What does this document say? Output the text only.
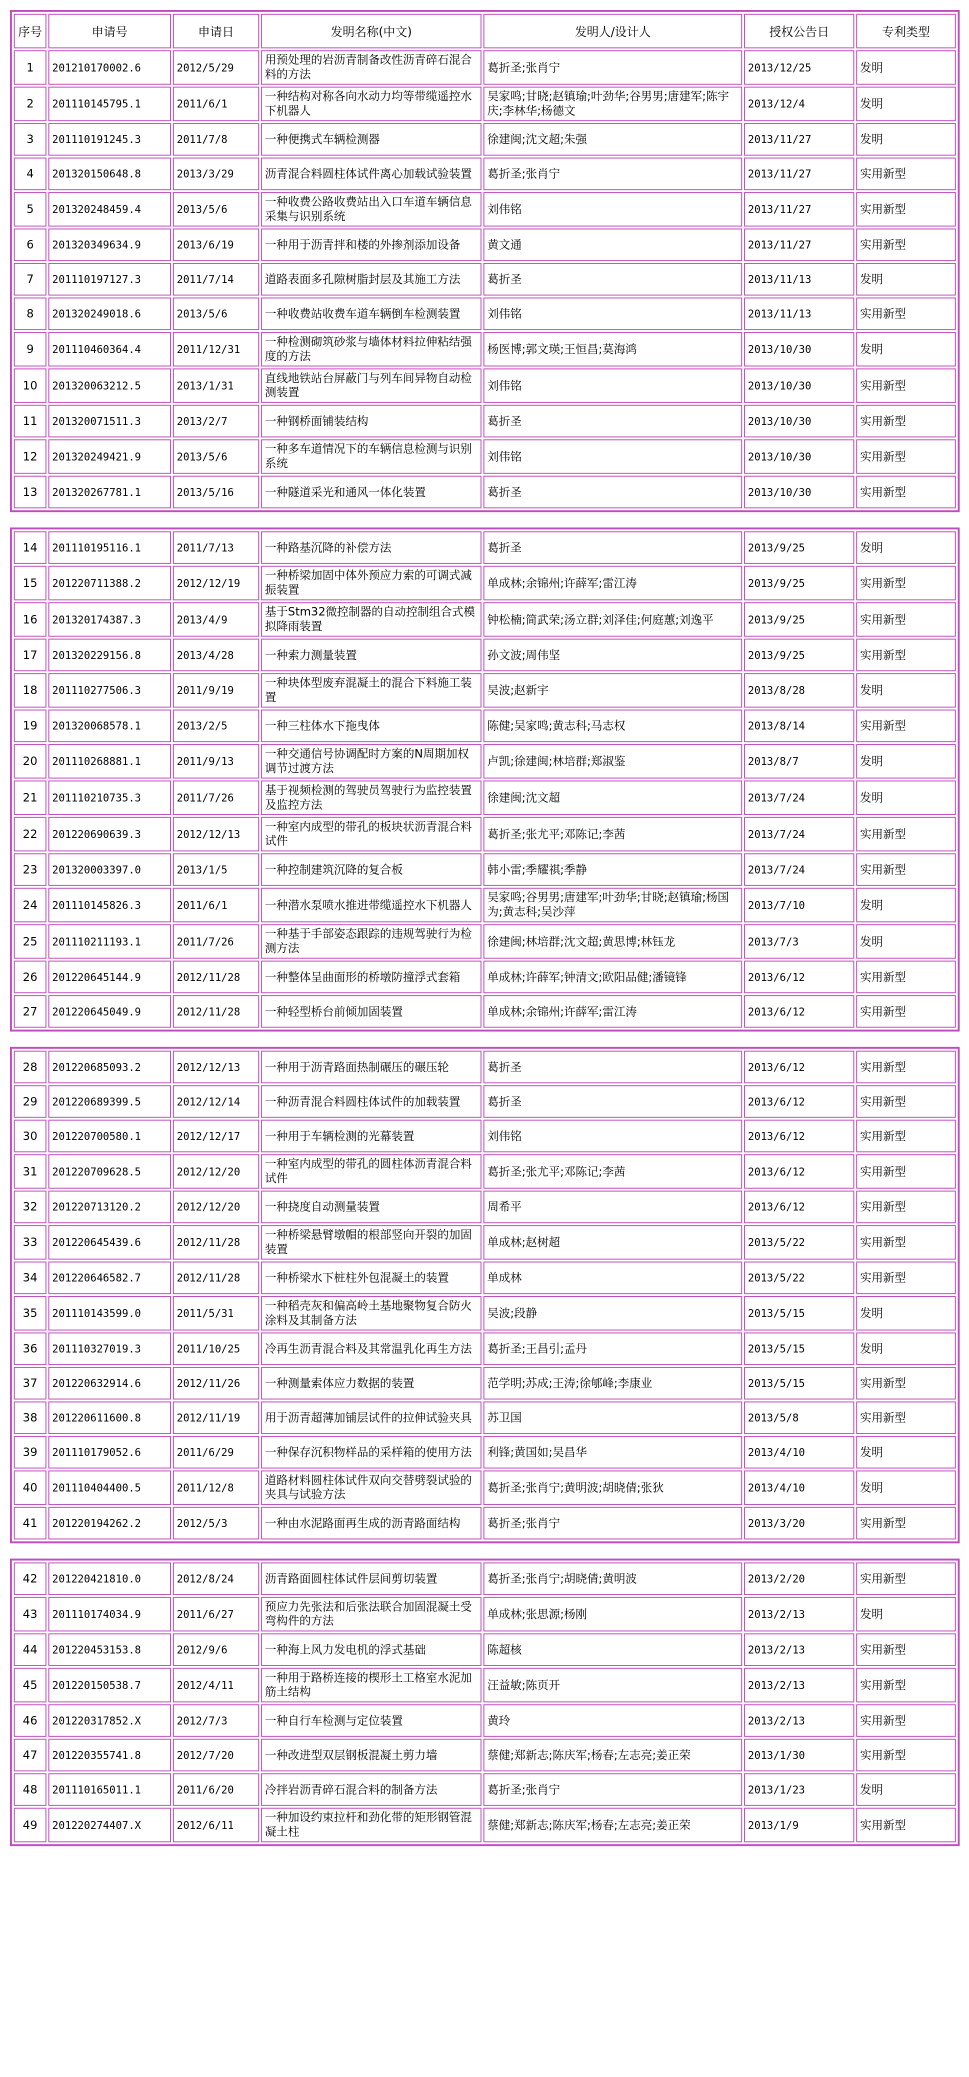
序号	申请号	申请日	发明名称(中文)	发明人/设计人	授权公告日	专利类型
1	201210170002.6	2012/5/29	用预处理的岩沥青制备改性沥青碎石混合料的方法	葛折圣;张肖宁	2013/12/25	发明
2	201110145795.1	2011/6/1	一种结构对称各向水动力均等带缆遥控水下机器人	吴家鸣;甘晓;赵镇瑜;叶劲华;谷男男;唐建军;陈宇庆;李林华;杨德文	2013/12/4	发明
3	201110191245.3	2011/7/8	一种便携式车辆检测器	徐建闽;沈文超;朱强	2013/11/27	发明
4	201320150648.8	2013/3/29	沥青混合料圆柱体试件离心加载试验装置	葛折圣;张肖宁	2013/11/27	实用新型
5	201320248459.4	2013/5/6	一种收费公路收费站出入口车道车辆信息采集与识别系统	刘伟铭	2013/11/27	实用新型
6	201320349634.9	2013/6/19	一种用于沥青拌和楼的外掺剂添加设备	黄文通	2013/11/27	实用新型
7	201110197127.3	2011/7/14	道路表面多孔隙树脂封层及其施工方法	葛折圣	2013/11/13	发明
8	201320249018.6	2013/5/6	一种收费站收费车道车辆倒车检测装置	刘伟铭	2013/11/13	实用新型
9	201110460364.4	2011/12/31	一种检测砌筑砂浆与墙体材料拉伸粘结强度的方法	杨医博;郭文瑛;王恒昌;莫海鸿	2013/10/30	发明
10	201320063212.5	2013/1/31	直线地铁站台屏蔽门与列车间异物自动检测装置	刘伟铭	2013/10/30	实用新型
11	201320071511.3	2013/2/7	一种钢桥面铺装结构	葛折圣	2013/10/30	实用新型
12	201320249421.9	2013/5/6	一种多车道情况下的车辆信息检测与识别系统	刘伟铭	2013/10/30	实用新型
13	201320267781.1	2013/5/16	一种隧道采光和通风一体化装置	葛折圣	2013/10/30	实用新型
14	201110195116.1	2011/7/13	一种路基沉降的补偿方法	葛折圣	2013/9/25	发明
15	201220711388.2	2012/12/19	一种桥梁加固中体外预应力索的可调式减振装置	单成林;余锦州;许薛军;雷江涛	2013/9/25	实用新型
16	201320174387.3	2013/4/9	基于Stm32微控制器的自动控制组合式模拟降雨装置	钟松楠;简武荣;汤立群;刘泽佳;何庭蕙;刘逸平	2013/9/25	实用新型
17	201320229156.8	2013/4/28	一种索力测量装置	孙文波;周伟坚	2013/9/25	实用新型
18	201110277506.3	2011/9/19	一种块体型废弃混凝土的混合下料施工装置	吴波;赵新宇	2013/8/28	发明
19	201320068578.1	2013/2/5	一种三柱体水下拖曳体	陈健;吴家鸣;黄志科;马志权	2013/8/14	实用新型
20	201110268881.1	2011/9/13	一种交通信号协调配时方案的N周期加权调节过渡方法	卢凯;徐建闽;林培群;郑淑鉴	2013/8/7	发明
21	201110210735.3	2011/7/26	基于视频检测的驾驶员驾驶行为监控装置及监控方法	徐建闽;沈文超	2013/7/24	发明
22	201220690639.3	2012/12/13	一种室内成型的带孔的板块状沥青混合料试件	葛折圣;张尤平;邓陈记;李茜	2013/7/24	实用新型
23	201320003397.0	2013/1/5	一种控制建筑沉降的复合板	韩小雷;季耀祺;季静	2013/7/24	实用新型
24	201110145826.3	2011/6/1	一种潜水泵喷水推进带缆遥控水下机器人	吴家鸣;谷男男;唐建军;叶劲华;甘晓;赵镇瑜;杨国为;黄志科;吴沙萍	2013/7/10	发明
25	201110211193.1	2011/7/26	一种基于手部姿态跟踪的违规驾驶行为检测方法	徐建闽;林培群;沈文超;黄思博;林钰龙	2013/7/3	发明
26	201220645144.9	2012/11/28	一种整体呈曲面形的桥墩防撞浮式套箱	单成林;许薛军;钟清文;欧阳品健;潘镜锋	2013/6/12	实用新型
27	201220645049.9	2012/11/28	一种轻型桥台前倾加固装置	单成林;余锦州;许薛军;雷江涛	2013/6/12	实用新型
28	201220685093.2	2012/12/13	一种用于沥青路面热制碾压的碾压轮	葛折圣	2013/6/12	实用新型
29	201220689399.5	2012/12/14	一种沥青混合料圆柱体试件的加载装置	葛折圣	2013/6/12	实用新型
30	201220700580.1	2012/12/17	一种用于车辆检测的光幕装置	刘伟铭	2013/6/12	实用新型
31	201220709628.5	2012/12/20	一种室内成型的带孔的圆柱体沥青混合料试件	葛折圣;张尤平;邓陈记;李茜	2013/6/12	实用新型
32	201220713120.2	2012/12/20	一种挠度自动测量装置	周希平	2013/6/12	实用新型
33	201220645439.6	2012/11/28	一种桥梁悬臂墩帽的根部竖向开裂的加固装置	单成林;赵树超	2013/5/22	实用新型
34	201220646582.7	2012/11/28	一种桥梁水下桩柱外包混凝土的装置	单成林	2013/5/22	实用新型
35	201110143599.0	2011/5/31	一种稻壳灰和偏高岭土基地聚物复合防火涂料及其制备方法	吴波;段静	2013/5/15	发明
36	201110327019.3	2011/10/25	冷再生沥青混合料及其常温乳化再生方法	葛折圣;王昌引;孟丹	2013/5/15	发明
37	201220632914.6	2012/11/26	一种测量索体应力数据的装置	范学明;苏成;王涛;徐郇峰;李康业	2013/5/15	实用新型
38	201220611600.8	2012/11/19	用于沥青超薄加铺层试件的拉伸试验夹具	苏卫国	2013/5/8	实用新型
39	201110179052.6	2011/6/29	一种保存沉积物样品的采样箱的使用方法	利锋;黄国如;吴昌华	2013/4/10	发明
40	201110404400.5	2011/12/8	道路材料圆柱体试件双向交替劈裂试验的夹具与试验方法	葛折圣;张肖宁;黄明波;胡晓倩;张狄	2013/4/10	发明
41	201220194262.2	2012/5/3	一种由水泥路面再生成的沥青路面结构	葛折圣;张肖宁	2013/3/20	实用新型
42	201220421810.0	2012/8/24	沥青路面圆柱体试件层间剪切装置	葛折圣;张肖宁;胡晓倩;黄明波	2013/2/20	实用新型
43	201110174034.9	2011/6/27	预应力先张法和后张法联合加固混凝土受弯构件的方法	单成林;张思源;杨刚	2013/2/13	发明
44	201220453153.8	2012/9/6	一种海上风力发电机的浮式基础	陈超核	2013/2/13	实用新型
45	201220150538.7	2012/4/11	一种用于路桥连接的楔形土工格室水泥加筋土结构	汪益敏;陈页开	2013/2/13	实用新型
46	201220317852.X	2012/7/3	一种自行车检测与定位装置	黄玲	2013/2/13	实用新型
47	201220355741.8	2012/7/20	一种改进型双层钢板混凝土剪力墙	蔡健;郑新志;陈庆军;杨春;左志亮;姜正荣	2013/1/30	实用新型
48	201110165011.1	2011/6/20	冷拌岩沥青碎石混合料的制备方法	葛折圣;张肖宁	2013/1/23	发明
49	201220274407.X	2012/6/11	一种加设约束拉杆和劲化带的矩形钢管混凝土柱	蔡健;郑新志;陈庆军;杨春;左志亮;姜正荣	2013/1/9	实用新型
